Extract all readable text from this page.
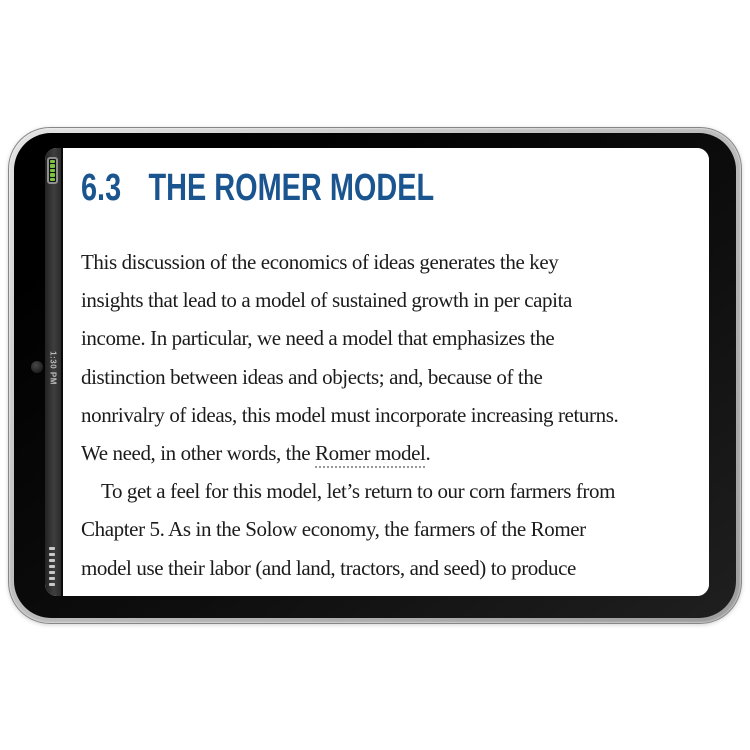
1:30 PM
6.3 THE ROMER MODEL
This discussion of the economics of ideas generates the key
insights that lead to a model of sustained growth in per capita
income. In particular, we need a model that emphasizes the
distinction between ideas and objects; and, because of the
nonrivalry of ideas, this model must incorporate increasing returns.
We need, in other words, the Romer model.
To get a feel for this model, let’s return to our corn farmers from
Chapter 5. As in the Solow economy, the farmers of the Romer
model use their labor (and land, tractors, and seed) to produce
